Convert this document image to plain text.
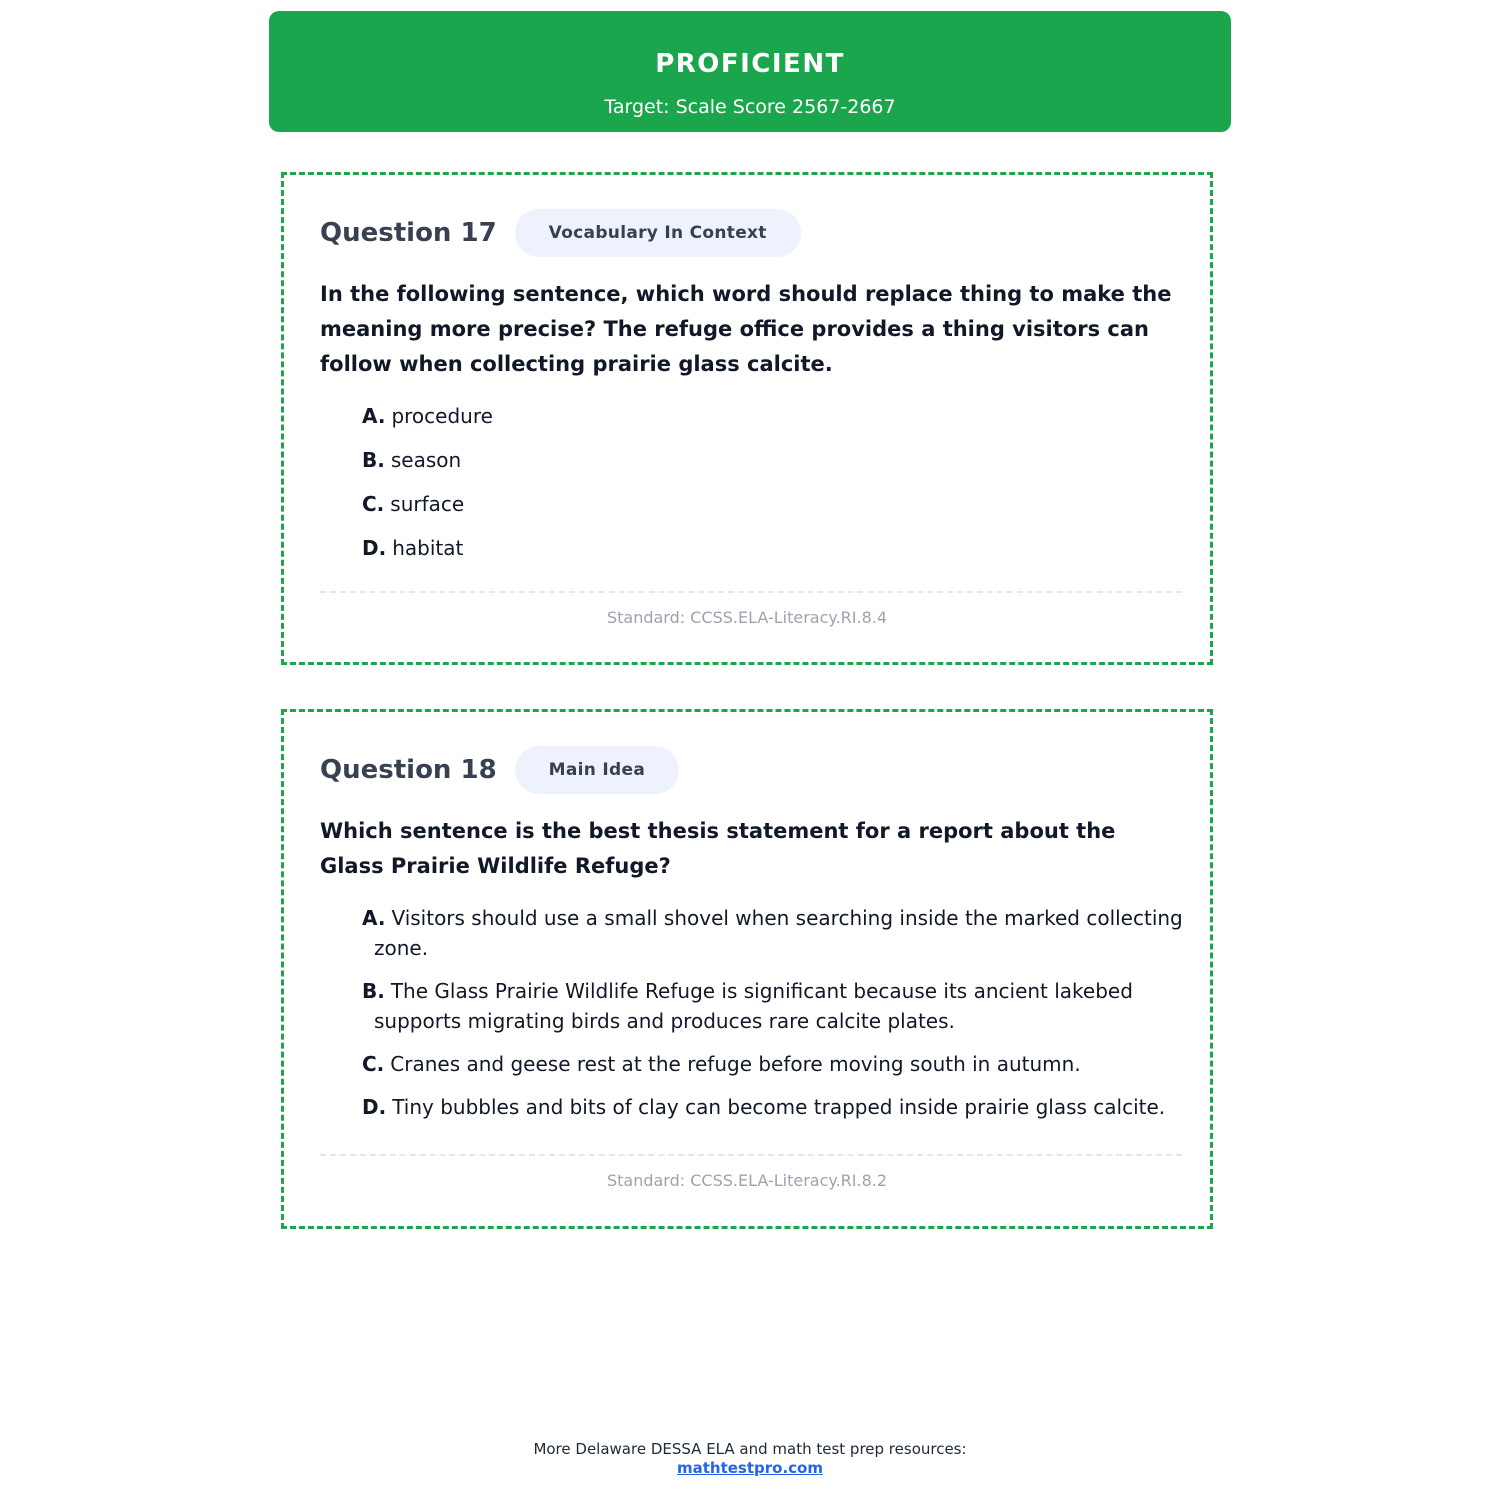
PROFICIENT
Target: Scale Score 2567-2667
Question 17	Vocabulary In Context

In the following sentence, which word should replace thing to make the meaning more precise? The refuge office provides a thing visitors can follow when collecting prairie glass calcite.

A. procedure
B. season
C. surface
D. habitat
Standard: CCSS.ELA-Literacy.RI.8.4
Question 18	Main Idea

Which sentence is the best thesis statement for a report about the Glass Prairie Wildlife Refuge?

A. Visitors should use a small shovel when searching inside the marked collecting zone.
B. The Glass Prairie Wildlife Refuge is significant because its ancient lakebed supports migrating birds and produces rare calcite plates.
C. Cranes and geese rest at the refuge before moving south in autumn.
D. Tiny bubbles and bits of clay can become trapped inside prairie glass calcite.
Standard: CCSS.ELA-Literacy.RI.8.2
More Delaware DESSA ELA and math test prep resources:
mathtestpro.com
